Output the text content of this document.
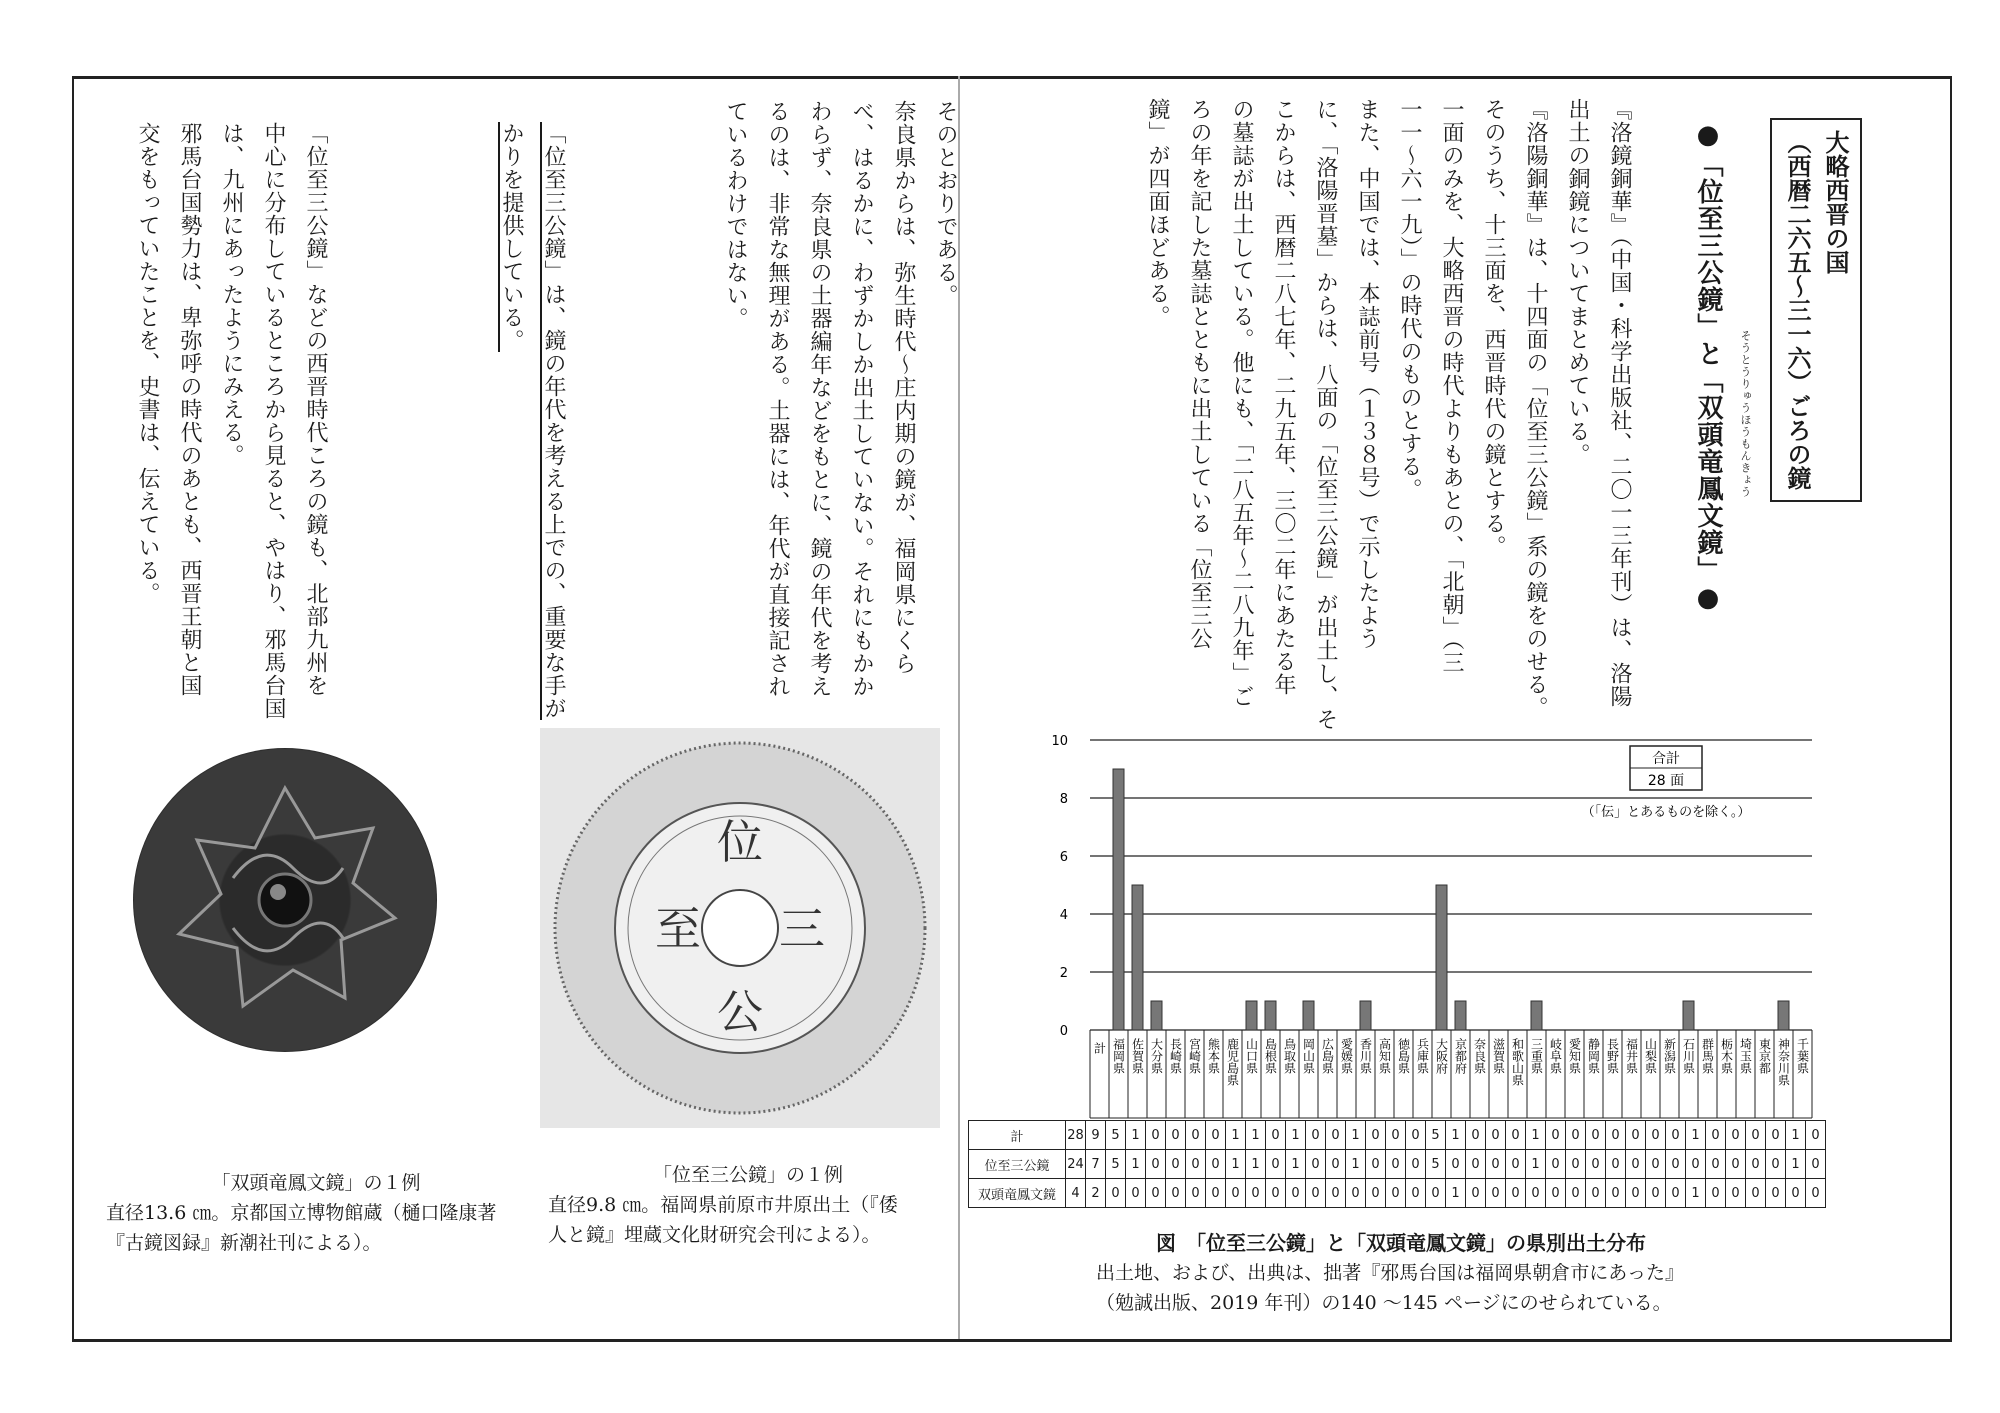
大略西晋の国
（西暦二六五〜三一六）ごろの鏡
●「位至三公鏡」と「双頭竜鳳文鏡」●	そうとうりゅうほうもんきょう
『洛鏡銅華』（中国・科学出版社、二〇一三年刊）は、洛陽
出土の銅鏡についてまとめている。
『洛陽銅華』は、十四面の「位至三公鏡」系の鏡をのせる。
そのうち、十三面を、西晋時代の鏡とする。
一面のみを、大略西晋の時代よりもあとの、「北朝」（三
一一〜六一九）」の時代のものとする。
また、中国では、本誌前号（１３８号）で示したよう
に、「洛陽晋墓」からは、八面の「位至三公鏡」が出土し、そ
こからは、西暦二八七年、二九五年、三〇二年にあたる年
の墓誌が出土している。他にも、「二八五年〜二八九年」ご
ろの年を記した墓誌とともに出土している「位至三公
鏡」が四面ほどある。
そのとおりである。
奈良県からは、弥生時代〜庄内期の鏡が、福岡県にくら
べ、はるかに、わずかしか出土していない。それにもかか
わらず、奈良県の土器編年などをもとに、鏡の年代を考え
るのは、非常な無理がある。土器には、年代が直接記され
ているわけではない。
「位至三公鏡」は、鏡の年代を考える上での、重要な手が
かりを提供している。
「位至三公鏡」などの西晋時代ころの鏡も、北部九州を
中心に分布しているところから見ると、やはり、邪馬台国
は、九州にあったようにみえる。
邪馬台国勢力は、卑弥呼の時代のあとも、西晋王朝と国
交をもっていたことを、史書は、伝えている。
位
至 三
公
「双頭竜鳳文鏡」の１例
直径13.6 ㎝。京都国立博物館蔵（樋口隆康著
『古鏡図録』新潮社刊による）。
「位至三公鏡」の１例
直径9.8 ㎝。福岡県前原市井原出土（『倭
人と鏡』埋蔵文化財研究会刊による）。
0
2
4
6
8
10
計 福岡県 佐賀県 大分県 長崎県 宮崎県 熊本県 鹿児島県 山口県 島根県 鳥取県 岡山県 広島県 愛媛県 香川県 高知県 徳島県 兵庫県 大阪府 京都府 奈良県 滋賀県 和歌山県 三重県 岐阜県 愛知県 静岡県 長野県 福井県 山梨県 新潟県 石川県 群馬県 栃木県 埼玉県 東京都 神奈川県 千葉県
合計
28 面
（「伝」とあるものを除く。）
計	28	9	5	1	0	0	0	0	1	1	0	1	0	0	1	0	0	0	5	1	0	0	0	1	0	0	0	0	0	0	0	1	0	0	0	0	1	0
位至三公鏡	24	7	5	1	0	0	0	0	1	1	0	1	0	0	1	0	0	0	5	0	0	0	0	1	0	0	0	0	0	0	0	0	0	0	0	0	1	0
双頭竜鳳文鏡	4	2	0	0	0	0	0	0	0	0	0	0	0	0	0	0	0	0	0	1	0	0	0	0	0	0	0	0	0	0	0	1	0	0	0	0	0	0
図　「位至三公鏡」と「双頭竜鳳文鏡」の県別出土分布
出土地、および、出典は、拙著『邪馬台国は福岡県朝倉市にあった』
（勉誠出版、2019 年刊）の140 〜145 ページにのせられている。
